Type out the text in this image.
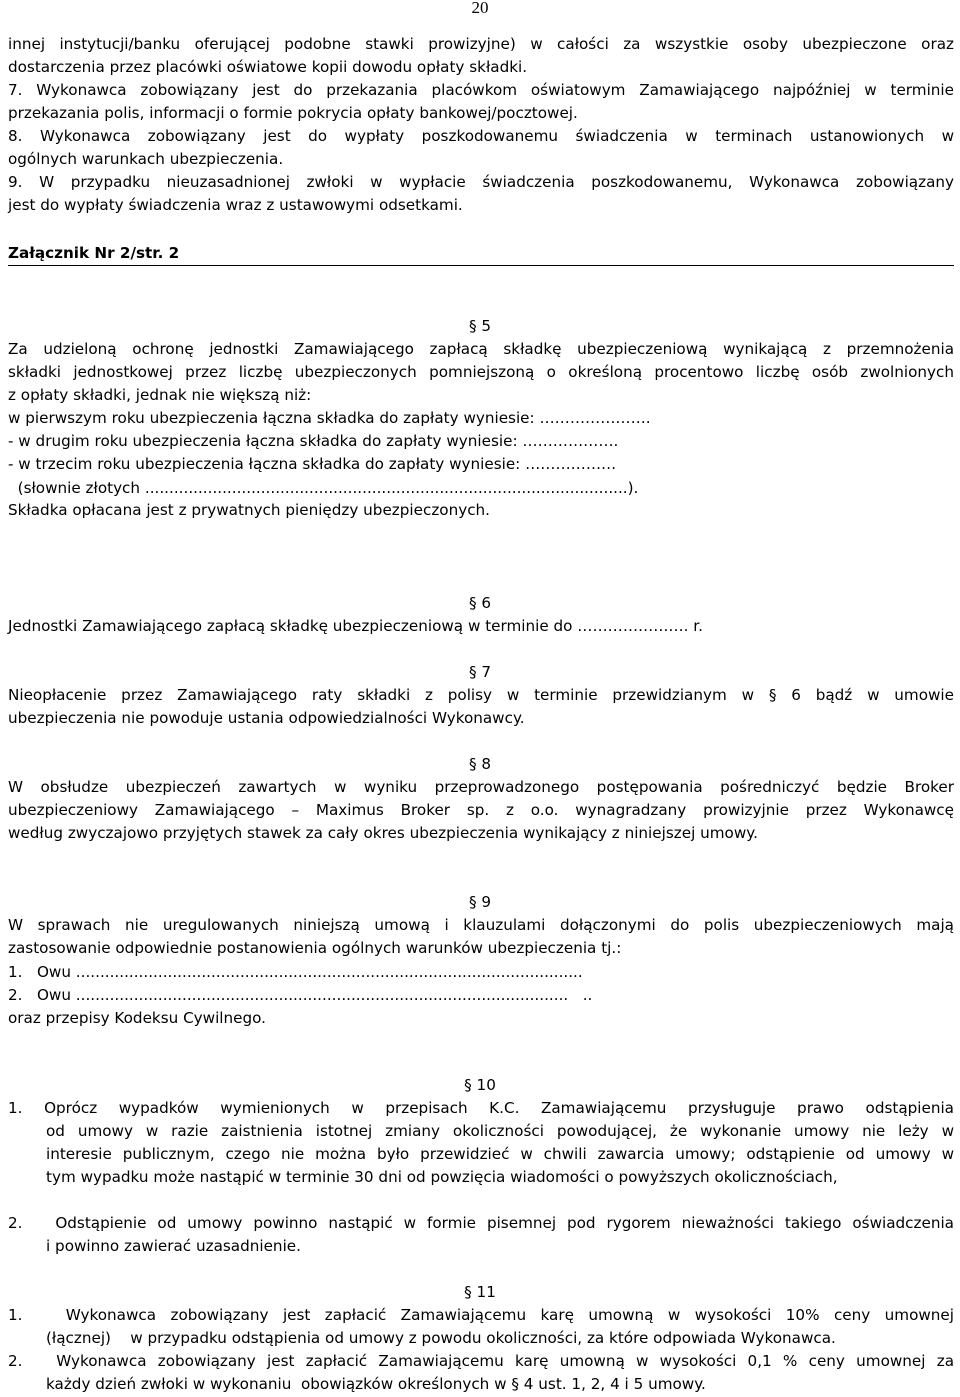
20
innej instytucji/banku oferującej podobne stawki prowizyjne) w całości za wszystkie osoby ubezpieczone oraz
dostarczenia przez placówki oświatowe kopii dowodu opłaty składki.
7. Wykonawca zobowiązany jest do przekazania placówkom oświatowym Zamawiającego najpóźniej w terminie
przekazania polis, informacji o formie pokrycia opłaty bankowej/pocztowej.
8. Wykonawca zobowiązany jest do wypłaty poszkodowanemu świadczenia w terminach ustanowionych w
ogólnych warunkach ubezpieczenia.
9. W przypadku nieuzasadnionej zwłoki w wypłacie świadczenia poszkodowanemu, Wykonawca zobowiązany
jest do wypłaty świadczenia wraz z ustawowymi odsetkami.
Załącznik Nr 2/str. 2
§ 5
Za udzieloną ochronę jednostki Zamawiającego zapłacą składkę ubezpieczeniową wynikającą z przemnożenia
składki jednostkowej przez liczbę ubezpieczonych pomniejszoną o określoną procentowo liczbę osób zwolnionych
z opłaty składki, jednak nie większą niż:
w pierwszym roku ubezpieczenia łączna składka do zapłaty wyniesie: ………………….
- w drugim roku ubezpieczenia łączna składka do zapłaty wyniesie: ……………….
- w trzecim roku ubezpieczenia łączna składka do zapłaty wyniesie: ………………
(słownie złotych ....................................................................................................).
Składka opłacana jest z prywatnych pieniędzy ubezpieczonych.
§ 6
Jednostki Zamawiającego zapłacą składkę ubezpieczeniową w terminie do …………………. r.
§ 7
Nieopłacenie przez Zamawiającego raty składki z polisy w terminie przewidzianym w § 6 bądź w umowie
ubezpieczenia nie powoduje ustania odpowiedzialności Wykonawcy.
§ 8
W obsłudze ubezpieczeń zawartych w wyniku przeprowadzonego postępowania pośredniczyć będzie Broker
ubezpieczeniowy Zamawiającego – Maximus Broker sp. z o.o. wynagradzany prowizyjnie przez Wykonawcę
według zwyczajowo przyjętych stawek za cały okres ubezpieczenia wynikający z niniejszej umowy.
§ 9
W sprawach nie uregulowanych niniejszą umową i klauzulami dołączonymi do polis ubezpieczeniowych mają
zastosowanie odpowiednie postanowienia ogólnych warunków ubezpieczenia tj.:
1.   Owu .........................................................................................................
2.   Owu ......................................................................................................   ..
oraz przepisy Kodeksu Cywilnego.
§ 10
1. Oprócz wypadków wymienionych w przepisach K.C. Zamawiającemu przysługuje prawo odstąpienia
od umowy w razie zaistnienia istotnej zmiany okoliczności powodującej, że wykonanie umowy nie leży w
interesie publicznym, czego nie można było przewidzieć w chwili zawarcia umowy; odstąpienie od umowy w
tym wypadku może nastąpić w terminie 30 dni od powzięcia wiadomości o powyższych okolicznościach,
2.   Odstąpienie od umowy powinno nastąpić w formie pisemnej pod rygorem nieważności takiego oświadczenia
i powinno zawierać uzasadnienie.
§ 11
1.   Wykonawca zobowiązany jest zapłacić Zamawiającemu karę umowną w wysokości 10% ceny umownej
(łącznej)    w przypadku odstąpienia od umowy z powodu okoliczności, za które odpowiada Wykonawca.
2.   Wykonawca zobowiązany jest zapłacić Zamawiającemu karę umowną w wysokości 0,1 % ceny umownej za
każdy dzień zwłoki w wykonaniu  obowiązków określonych w § 4 ust. 1, 2, 4 i 5 umowy.
